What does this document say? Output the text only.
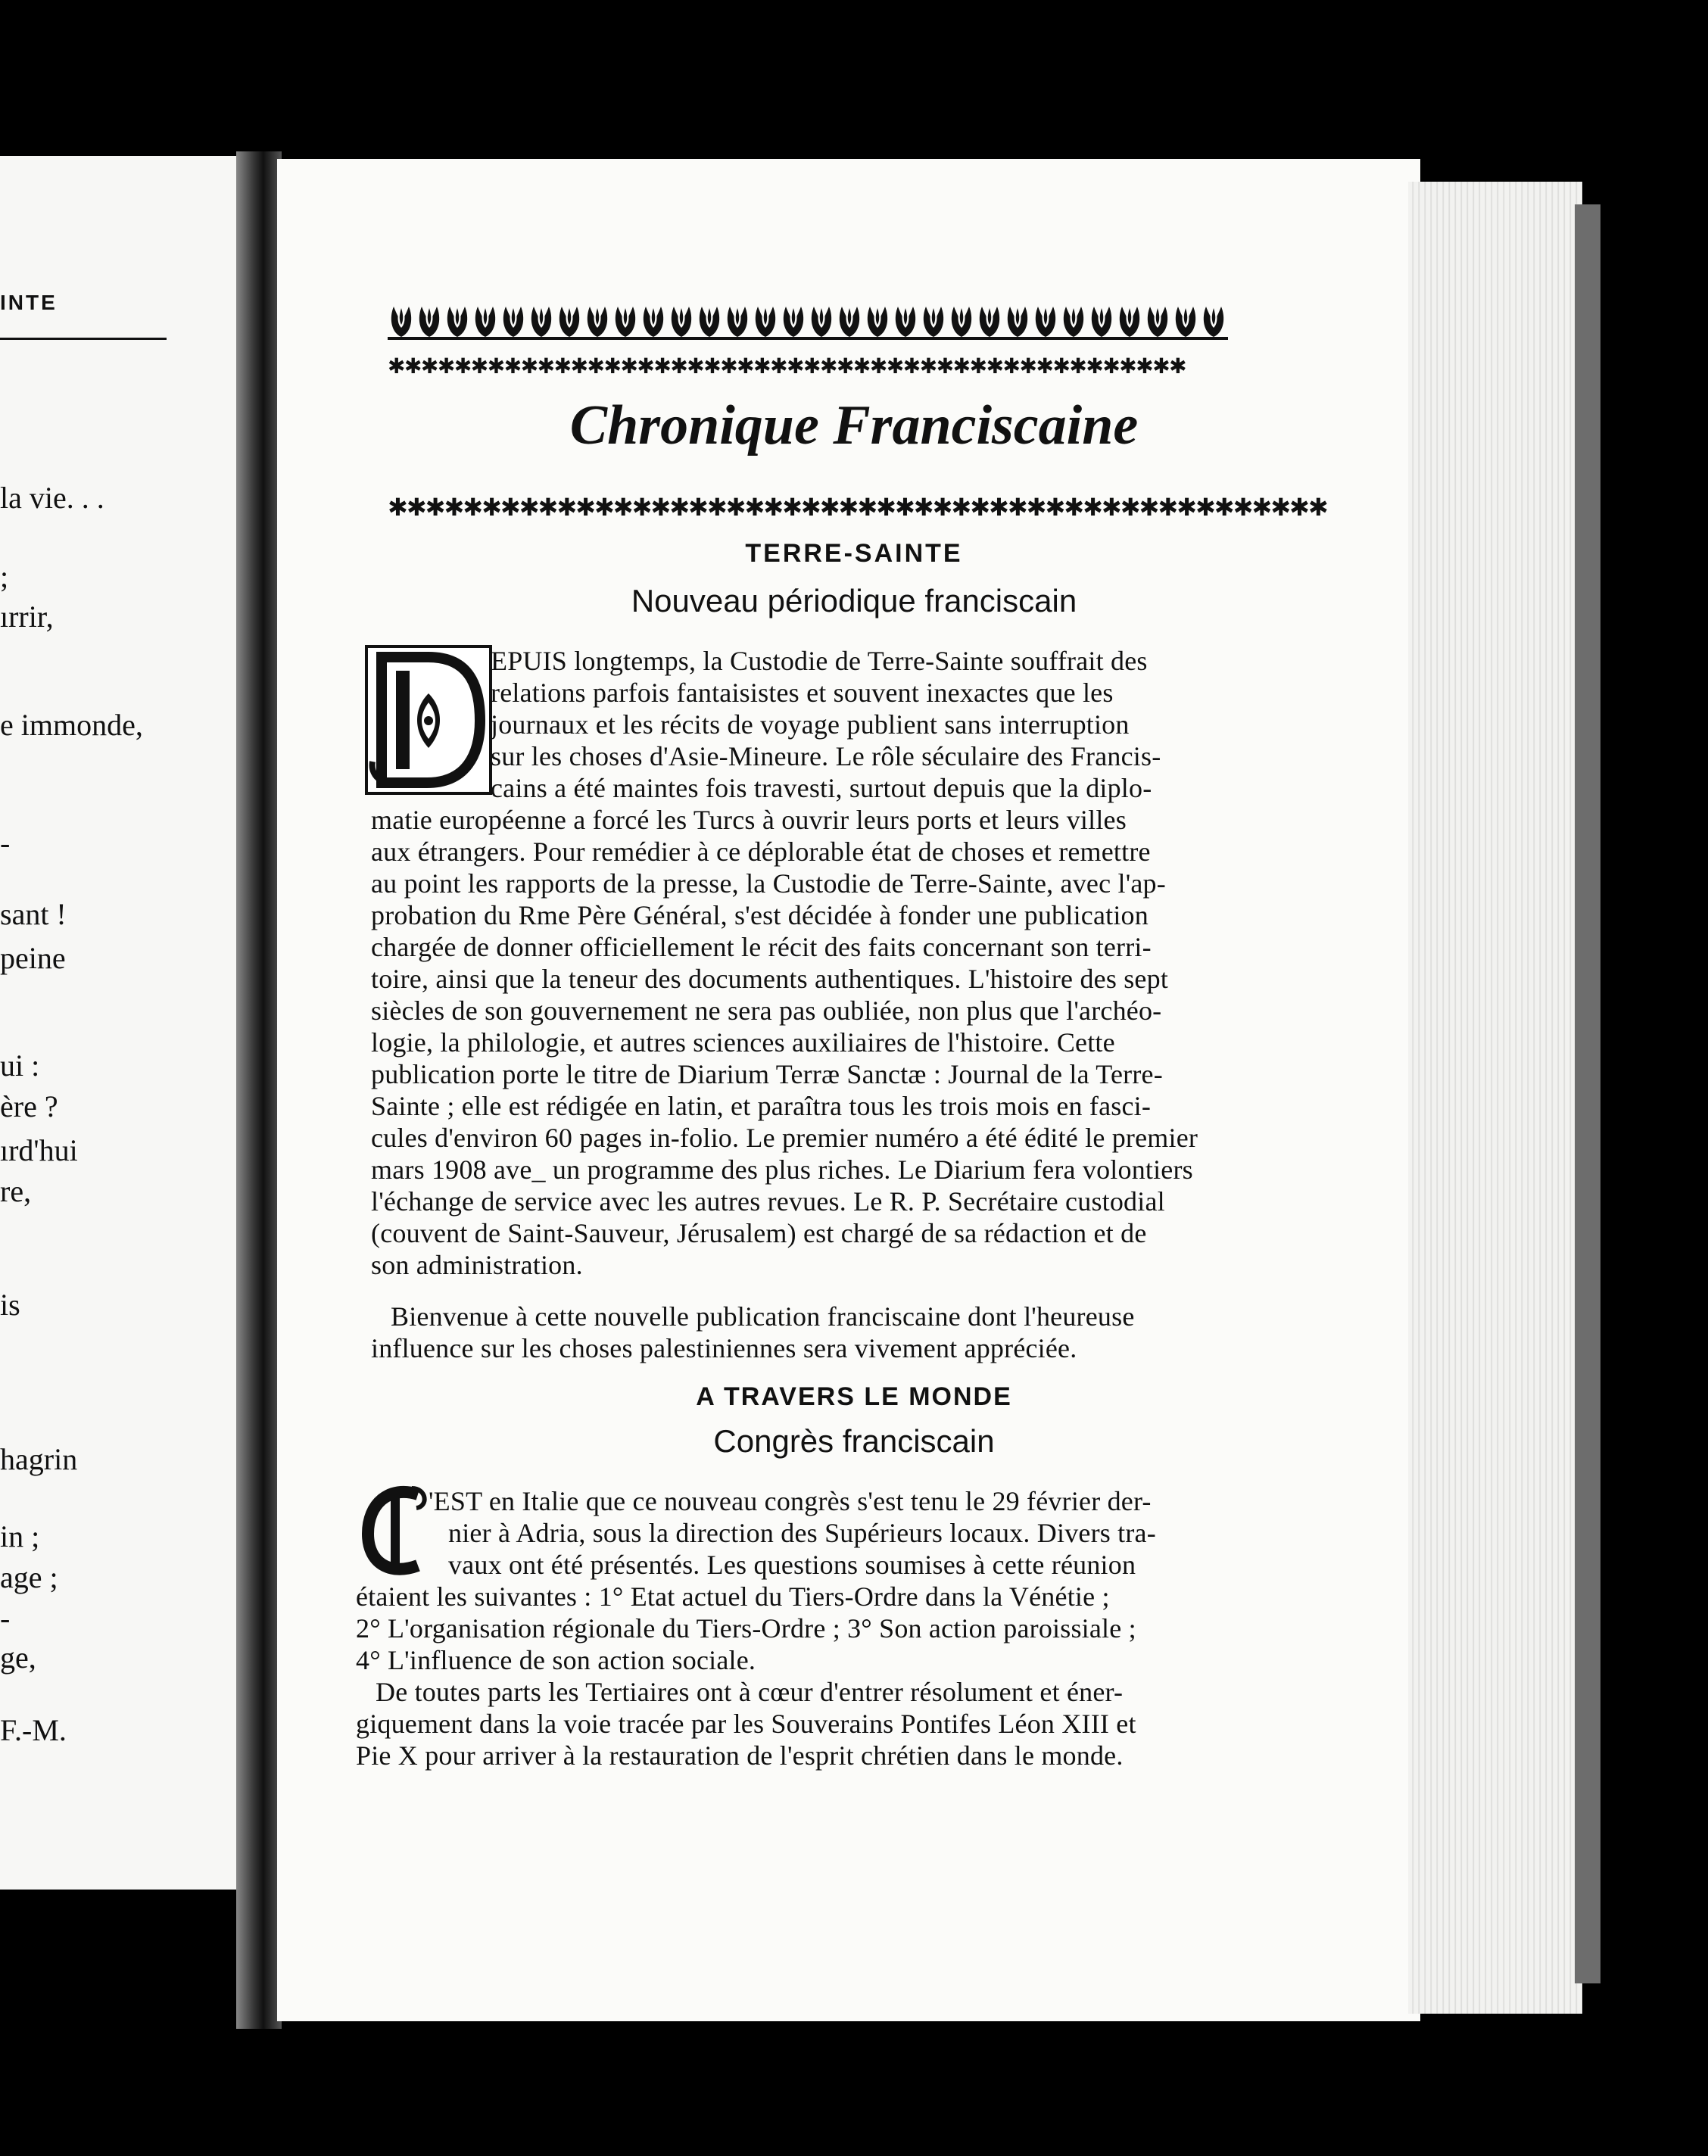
INTE
la vie. . .
;
ırrir,
e immonde,
-
sant !
peine
ui :
ère ?
ırd'hui
re,
is
hagrin
in ;
age ;
-
ge,
F.-M.
✱✱✱✱✱✱✱✱✱✱✱✱✱✱✱✱✱✱✱✱✱✱✱✱✱✱✱✱✱✱✱✱✱✱✱✱✱✱✱✱✱✱✱✱✱✱✱✱
Chronique Franciscaine
✱✱✱✱✱✱✱✱✱✱✱✱✱✱✱✱✱✱✱✱✱✱✱✱✱✱✱✱✱✱✱✱✱✱✱✱✱✱✱✱✱✱✱✱✱✱✱✱✱✱
TERRE-SAINTE
Nouveau périodique franciscain
EPUIS longtemps, la Custodie de Terre-Sainte souffrait des
relations parfois fantaisistes et souvent inexactes que les
journaux et les récits de voyage publient sans interruption
sur les choses d'Asie-Mineure. Le rôle séculaire des Francis-
cains a été maintes fois travesti, surtout depuis que la diplo-
matie européenne a forcé les Turcs à ouvrir leurs ports et leurs villes
aux étrangers. Pour remédier à ce déplorable état de choses et remettre
au point les rapports de la presse, la Custodie de Terre-Sainte, avec l'ap-
probation du Rme Père Général, s'est décidée à fonder une publication
chargée de donner officiellement le récit des faits concernant son terri-
toire, ainsi que la teneur des documents authentiques. L'histoire des sept
siècles de son gouvernement ne sera pas oubliée, non plus que l'archéo-
logie, la philologie, et autres sciences auxiliaires de l'histoire. Cette
publication porte le titre de Diarium Terræ Sanctæ : Journal de la Terre-
Sainte ; elle est rédigée en latin, et paraîtra tous les trois mois en fasci-
cules d'environ 60 pages in-folio. Le premier numéro a été édité le premier
mars 1908 ave_ un programme des plus riches. Le Diarium fera volontiers
l'échange de service avec les autres revues. Le R. P. Secrétaire custodial
(couvent de Saint-Sauveur, Jérusalem) est chargé de sa rédaction et de
son administration.
Bienvenue à cette nouvelle publication franciscaine dont l'heureuse
influence sur les choses palestiniennes sera vivement appréciée.
A TRAVERS LE MONDE
Congrès franciscain
'EST en Italie que ce nouveau congrès s'est tenu le 29 février der-
nier à Adria, sous la direction des Supérieurs locaux. Divers tra-
vaux ont été présentés. Les questions soumises à cette réunion
étaient les suivantes : 1° Etat actuel du Tiers-Ordre dans la Vénétie ;
2° L'organisation régionale du Tiers-Ordre ; 3° Son action paroissiale ;
4° L'influence de son action sociale.
De toutes parts les Tertiaires ont à cœur d'entrer résolument et éner-
giquement dans la voie tracée par les Souverains Pontifes Léon XIII et
Pie X pour arriver à la restauration de l'esprit chrétien dans le monde.
